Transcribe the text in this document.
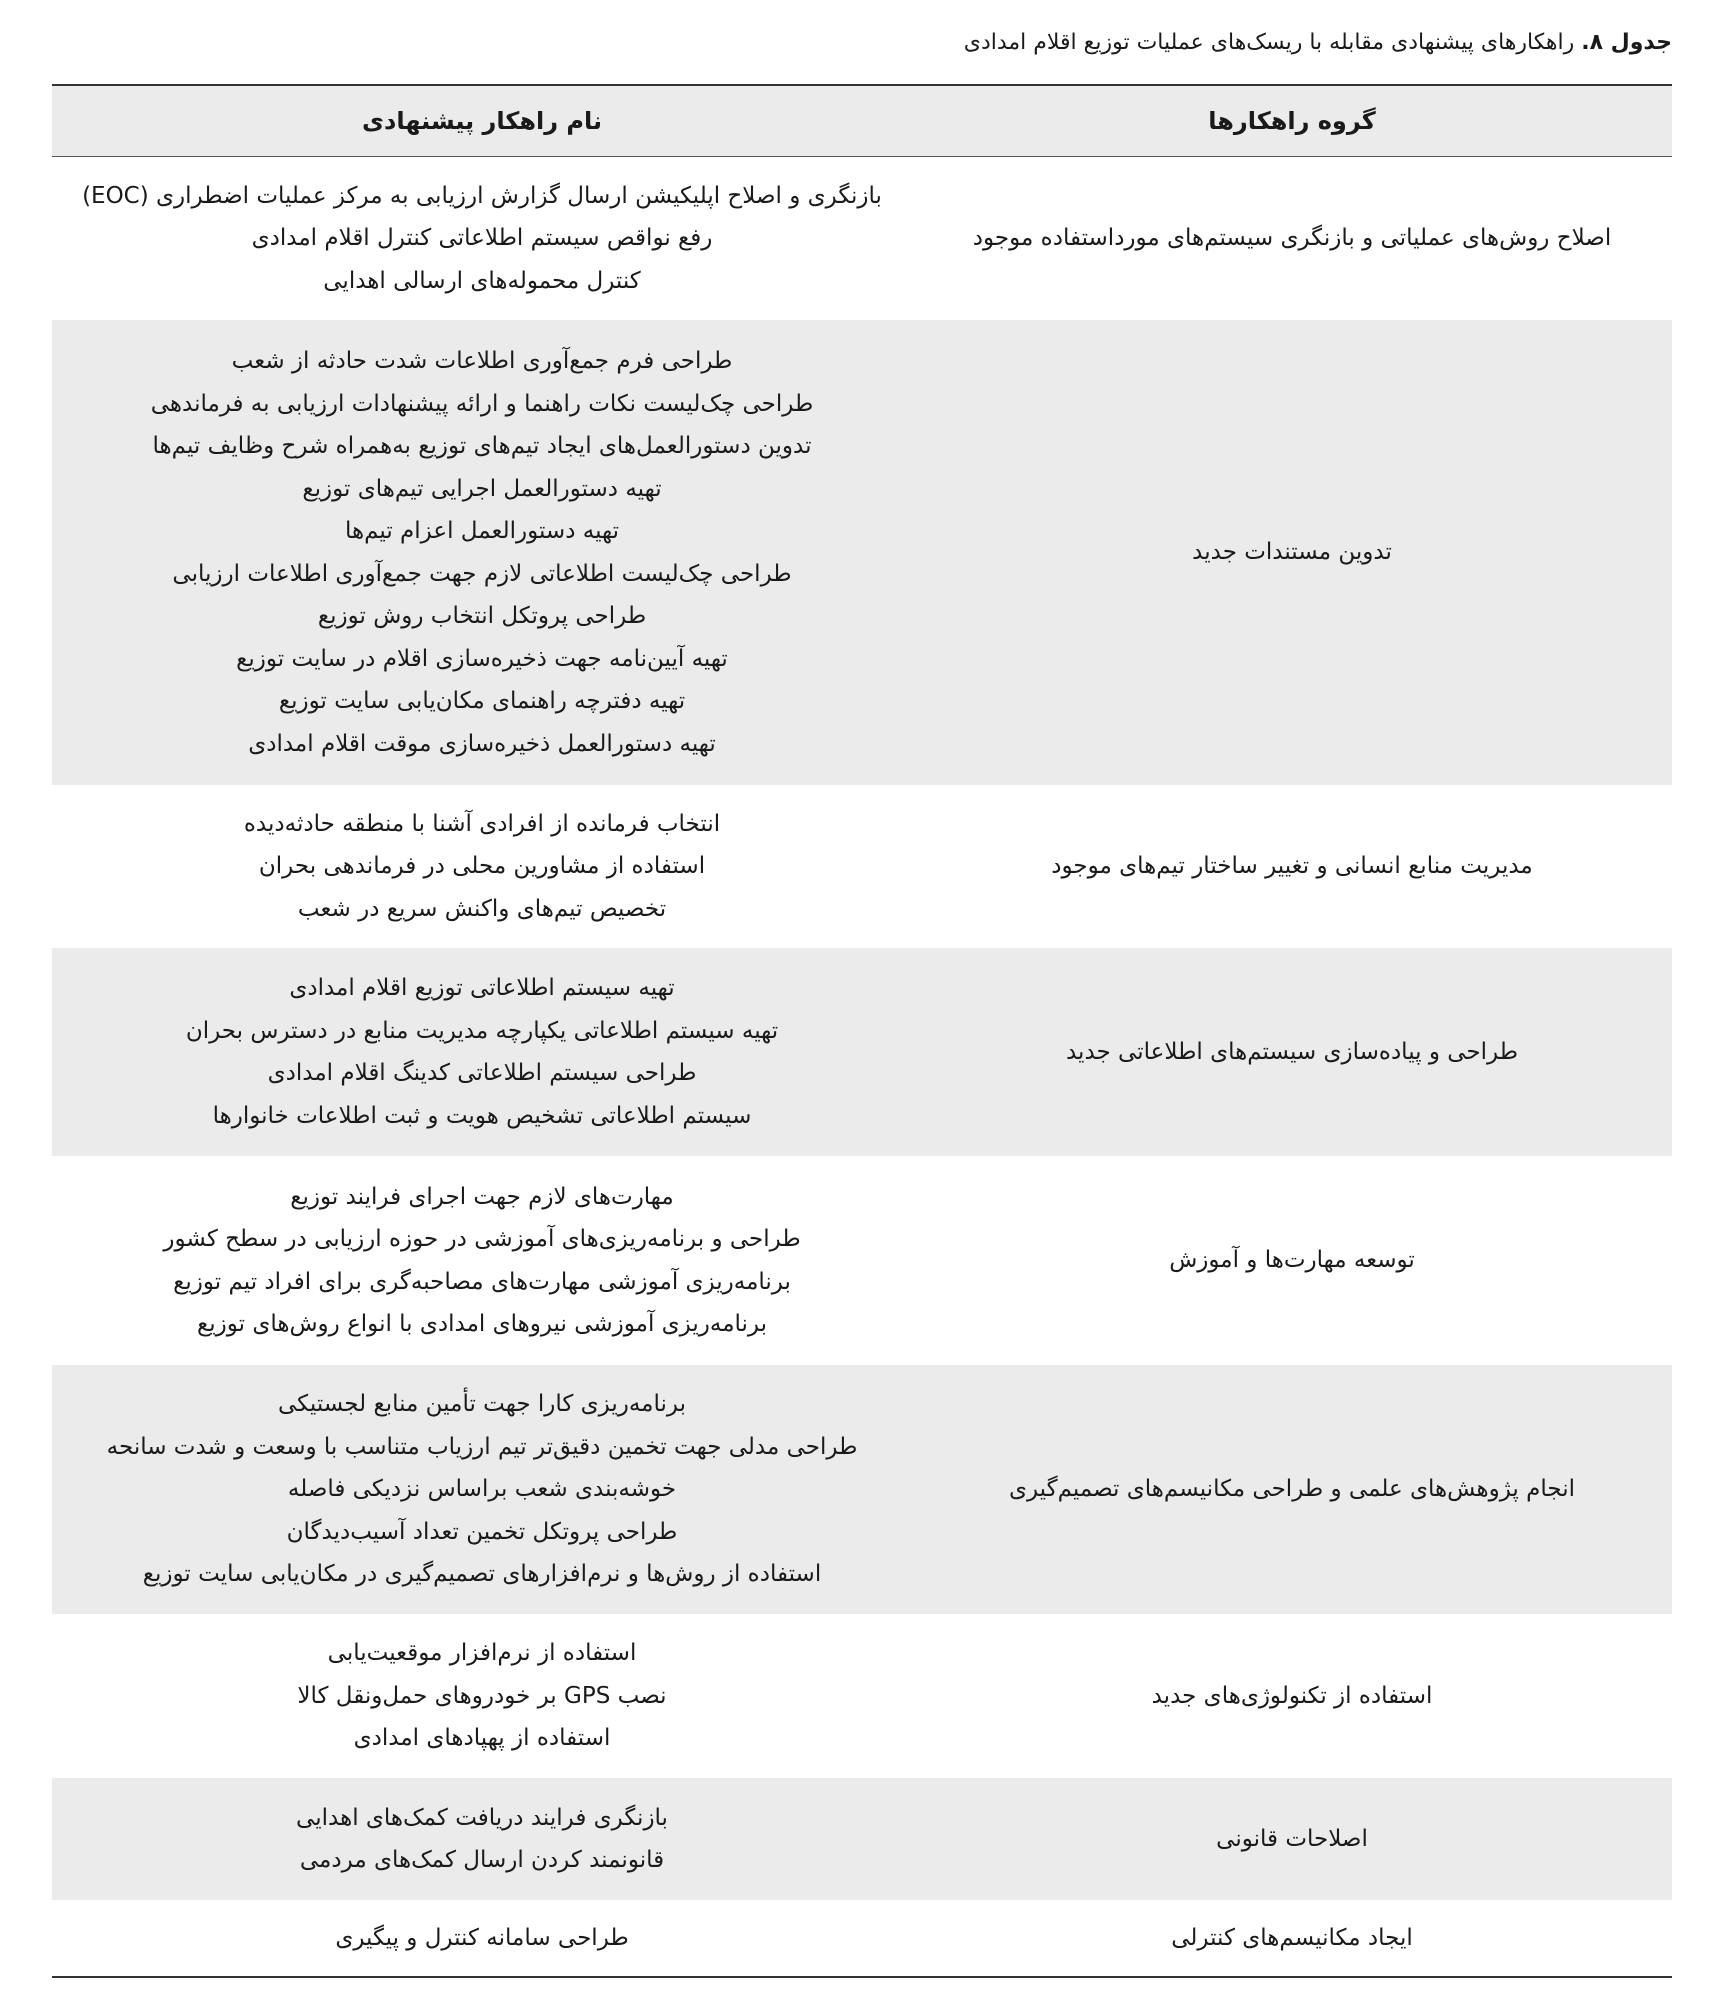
جدول ۸. راهکارهای پیشنهادی مقابله با ریسک‌های عملیات توزیع اقلام امدادی
گروه راهکارها
نام راهکار پیشنهادی
اصلاح روش‌های عملیاتی و بازنگری سیستم‌های مورداستفاده موجود
بازنگری و اصلاح اپلیکیشن ارسال گزارش ارزیابی به مرکز عملیات اضطراری (EOC)
رفع نواقص سیستم اطلاعاتی کنترل اقلام امدادی
کنترل محموله‌های ارسالی اهدایی
تدوین مستندات جدید
طراحی فرم جمع‌آوری اطلاعات شدت حادثه از شعب
طراحی چک‌لیست نکات راهنما و ارائه پیشنهادات ارزیابی به فرماندهی
تدوین دستورالعمل‌های ایجاد تیم‌های توزیع به‌همراه شرح وظایف تیم‌ها
تهیه دستورالعمل اجرایی تیم‌های توزیع
تهیه دستورالعمل اعزام تیم‌ها
طراحی چک‌لیست اطلاعاتی لازم جهت جمع‌آوری اطلاعات ارزیابی
طراحی پروتکل انتخاب روش توزیع
تهیه آیین‌نامه جهت ذخیره‌سازی اقلام در سایت توزیع
تهیه دفترچه راهنمای مکان‌یابی سایت توزیع
تهیه دستورالعمل ذخیره‌سازی موقت اقلام امدادی
مدیریت منابع انسانی و تغییر ساختار تیم‌های موجود
انتخاب فرمانده از افرادی آشنا با منطقه حادثه‌دیده
استفاده از مشاورین محلی در فرماندهی بحران
تخصیص تیم‌های واکنش سریع در شعب
طراحی و پیاده‌سازی سیستم‌های اطلاعاتی جدید
تهیه سیستم اطلاعاتی توزیع اقلام امدادی
تهیه سیستم اطلاعاتی یکپارچه مدیریت منابع در دسترس بحران
طراحی سیستم اطلاعاتی کدینگ اقلام امدادی
سیستم اطلاعاتی تشخیص هویت و ثبت اطلاعات خانوارها
توسعه مهارت‌ها و آموزش
مهارت‌های لازم جهت اجرای فرایند توزیع
طراحی و برنامه‌ریزی‌های آموزشی در حوزه ارزیابی در سطح کشور
برنامه‌ریزی آموزشی مهارت‌های مصاحبه‌گری برای افراد تیم توزیع
برنامه‌ریزی آموزشی نیروهای امدادی با انواع روش‌های توزیع
انجام پژوهش‌های علمی و طراحی مکانیسم‌های تصمیم‌گیری
برنامه‌ریزی کارا جهت تأمین منابع لجستیکی
طراحی مدلی جهت تخمین دقیق‌تر تیم ارزیاب متناسب با وسعت و شدت سانحه
خوشه‌بندی شعب براساس نزدیکی فاصله
طراحی پروتکل تخمین تعداد آسیب‌دیدگان
استفاده از روش‌ها و نرم‌افزارهای تصمیم‌گیری در مکان‌یابی سایت توزیع
استفاده از تکنولوژی‌های جدید
استفاده از نرم‌افزار موقعیت‌یابی
نصب GPS بر خودروهای حمل‌ونقل کالا
استفاده از پهپادهای امدادی
اصلاحات قانونی
بازنگری فرایند دریافت کمک‌های اهدایی
قانونمند کردن ارسال کمک‌های مردمی
ایجاد مکانیسم‌های کنترلی
طراحی سامانه کنترل و پیگیری
